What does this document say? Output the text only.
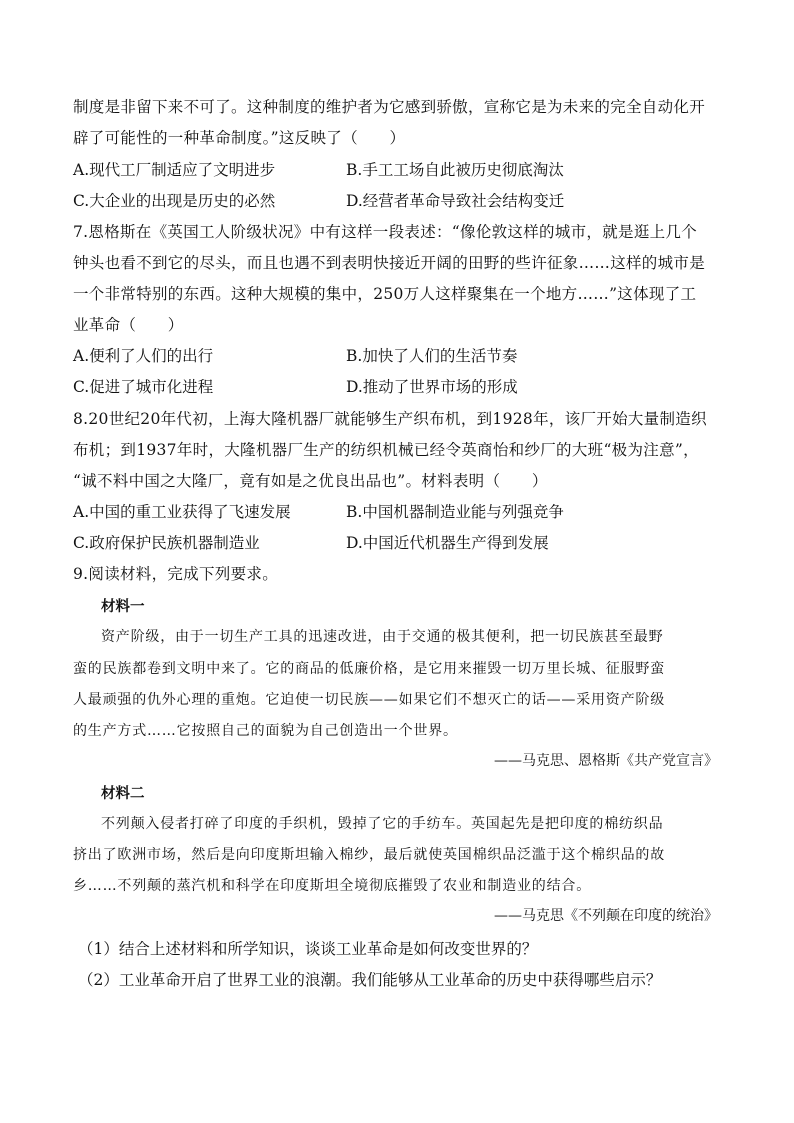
制度是非留下来不可了。这种制度的维护者为它感到骄傲，宣称它是为未来的完全自动化开
辟了可能性的一种革命制度。”这反映了（　　）
A.现代工厂制适应了文明进步	B.手工工场自此被历史彻底淘汰
C.大企业的出现是历史的必然	D.经营者革命导致社会结构变迁
7.恩格斯在《英国工人阶级状况》中有这样一段表述：“像伦敦这样的城市，就是逛上几个
钟头也看不到它的尽头，而且也遇不到表明快接近开阔的田野的些许征象……这样的城市是
一个非常特别的东西。这种大规模的集中，250万人这样聚集在一个地方……”这体现了工
业革命（　　）
A.便利了人们的出行	B.加快了人们的生活节奏
C.促进了城市化进程	D.推动了世界市场的形成
8.20世纪20年代初，上海大隆机器厂就能够生产织布机，到1928年，该厂开始大量制造织
布机；到1937年时，大隆机器厂生产的纺织机械已经令英商怡和纱厂的大班“极为注意”，
“诚不料中国之大隆厂，竟有如是之优良出品也”。材料表明（　　）
A.中国的重工业获得了飞速发展	B.中国机器制造业能与列强竞争
C.政府保护民族机器制造业	D.中国近代机器生产得到发展
9.阅读材料，完成下列要求。
材料一
资产阶级，由于一切生产工具的迅速改进，由于交通的极其便利，把一切民族甚至最野
蛮的民族都卷到文明中来了。它的商品的低廉价格，是它用来摧毁一切万里长城、征服野蛮
人最顽强的仇外心理的重炮。它迫使一切民族——如果它们不想灭亡的话——采用资产阶级
的生产方式……它按照自己的面貌为自己创造出一个世界。
——马克思、恩格斯《共产党宣言》
材料二
不列颠入侵者打碎了印度的手织机，毁掉了它的手纺车。英国起先是把印度的棉纺织品
挤出了欧洲市场，然后是向印度斯坦输入棉纱，最后就使英国棉织品泛滥于这个棉织品的故
乡……不列颠的蒸汽机和科学在印度斯坦全境彻底摧毁了农业和制造业的结合。
——马克思《不列颠在印度的统治》
（1）结合上述材料和所学知识，谈谈工业革命是如何改变世界的？
（2）工业革命开启了世界工业的浪潮。我们能够从工业革命的历史中获得哪些启示？
